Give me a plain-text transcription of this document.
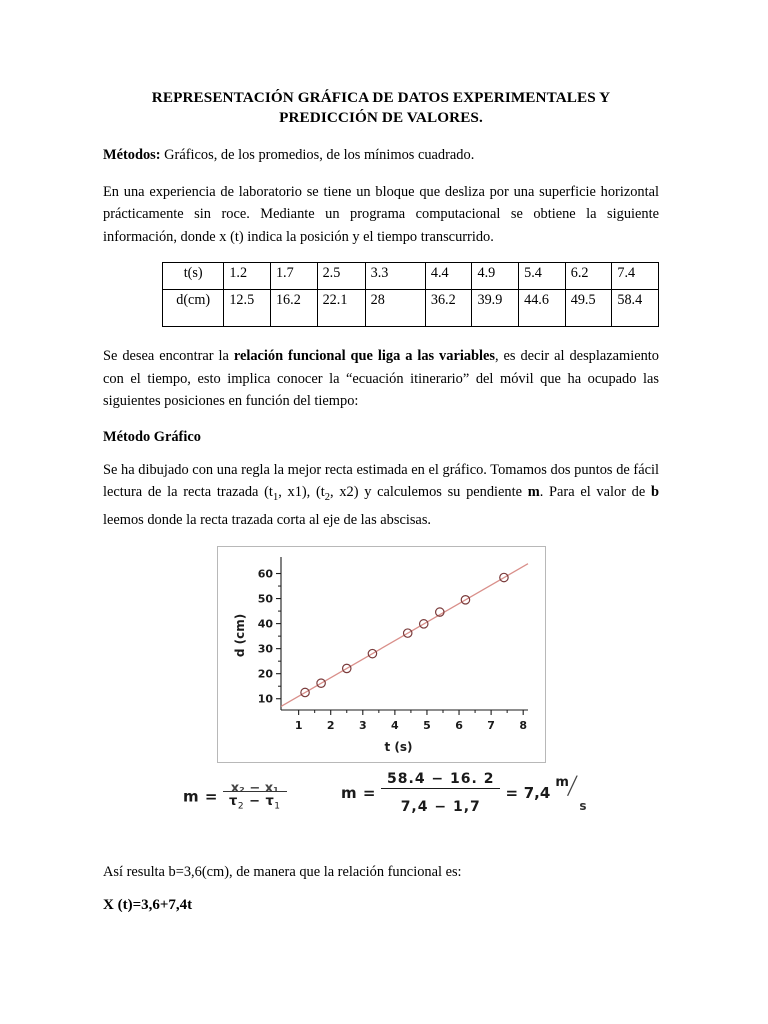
REPRESENTACIÓN GRÁFICA DE DATOS EXPERIMENTALES Y
PREDICCIÓN DE VALORES.

Métodos: Gráficos, de los promedios, de los mínimos cuadrado.

En una experiencia de laboratorio se tiene un bloque que desliza por una superficie horizontal prácticamente sin roce. Mediante un programa computacional se obtiene la siguiente información, donde x (t) indica la posición y el tiempo transcurrido.

t(s)	1.2	1.7	2.5	3.3	4.4	4.9	5.4	6.2	7.4
d(cm)	12.5	16.2	22.1	28	36.2	39.9	44.6	49.5	58.4

Se desea encontrar la relación funcional que liga a las variables, es decir al desplazamiento con el tiempo, esto implica conocer la “ecuación itinerario” del móvil que ha ocupado las siguientes posiciones en función del tiempo:

Método Gráfico

Se ha dibujado con una regla la mejor recta estimada en el gráfico. Tomamos dos puntos de fácil lectura de la recta trazada ($t_1$, x1), ($t_2$, x2) y calculemos su pendiente m. Para el valor de b leemos donde la recta trazada corta al eje de las abscisas.

10
20
30
40
50
60
1 2 3 4 5 6 7 8
t (s)
d (cm)
$m = \frac{\text{x₂ − x₁}}{\tau_2 - \tau_1}$	$m = \frac{58.4 - 16. 2}{7,4 - 1,7} = 7,4$
m
/
s

Así resulta b=3,6(cm), de manera que la relación funcional es:

X (t)=3,6+7,4t
